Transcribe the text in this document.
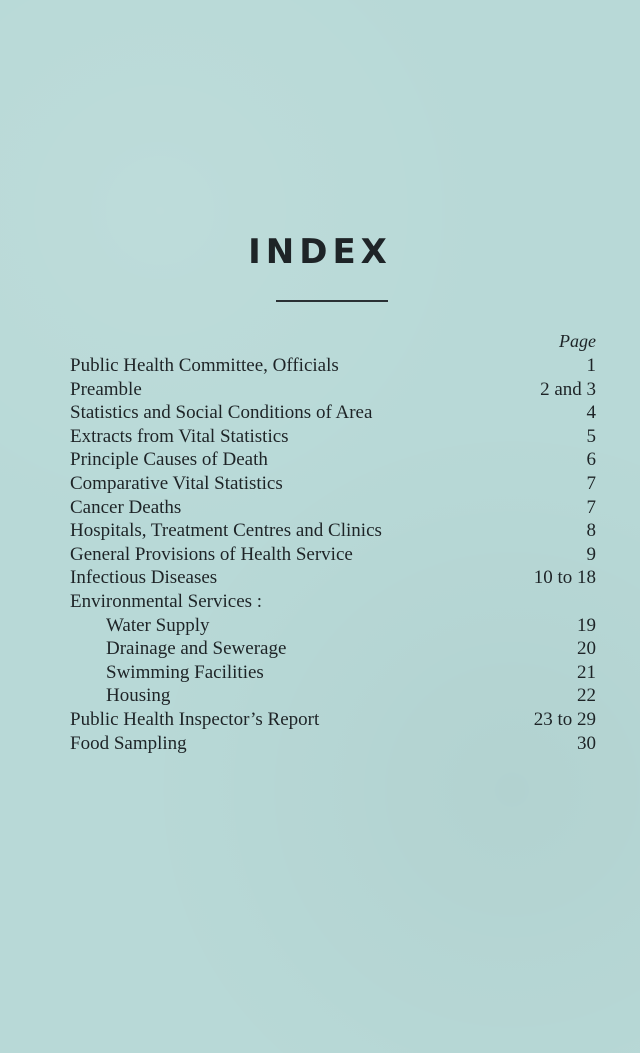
INDEX
Page
Public Health Committee, Officials	1
Preamble	2 and 3
Statistics and Social Conditions of Area	4
Extracts from Vital Statistics	5
Principle Causes of Death	6
Comparative Vital Statistics	7
Cancer Deaths	7
Hospitals, Treatment Centres and Clinics	8
General Provisions of Health Service	9
Infectious Diseases	10 to 18
Environmental Services :
Water Supply	19
Drainage and Sewerage	20
Swimming Facilities	21
Housing	22
Public Health Inspector’s Report	23 to 29
Food Sampling	30
